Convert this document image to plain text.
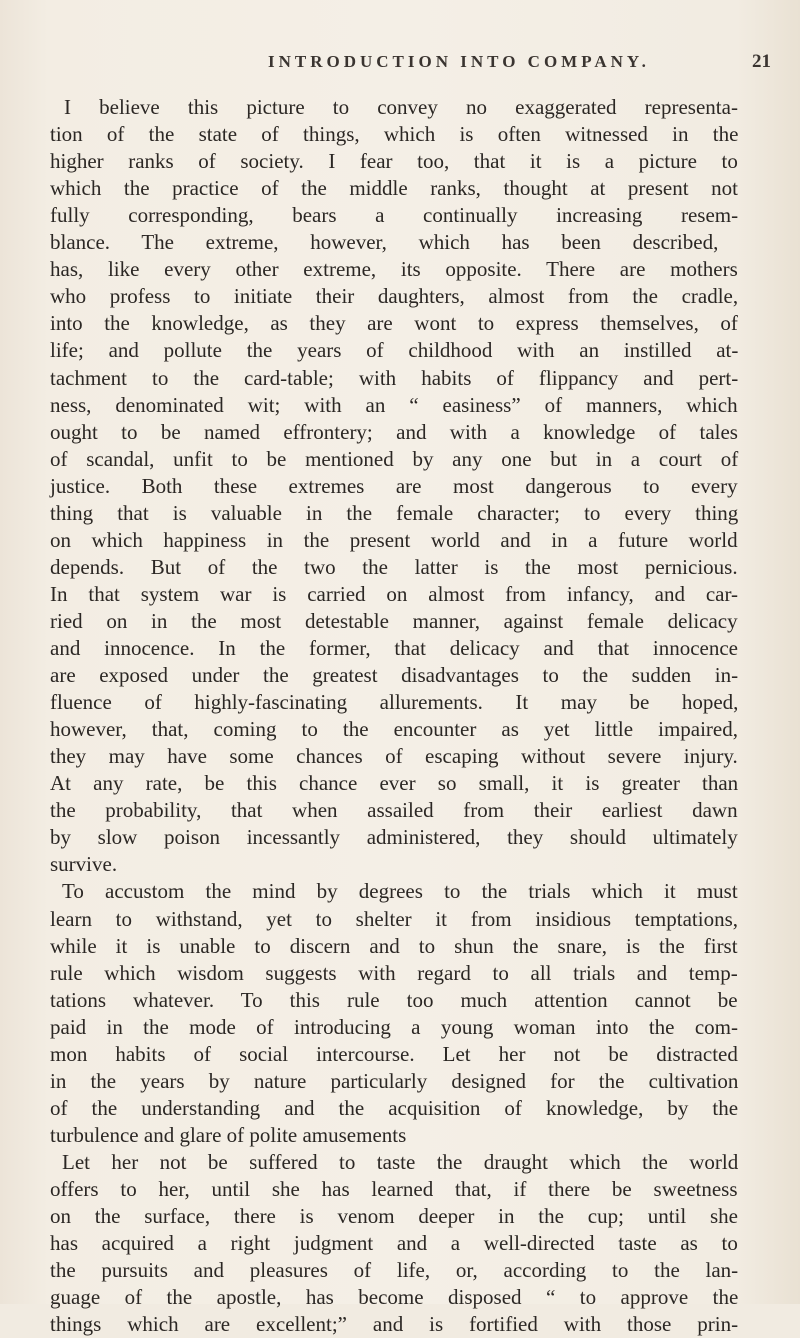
INTRODUCTION INTO COMPANY.	21
I believe this picture to convey no exaggerated representa-
tion of the state of things, which is often witnessed in the
higher ranks of society. I fear too, that it is a picture to
which the practice of the middle ranks, thought at present not
fully corresponding, bears a continually increasing resem-
blance. The extreme, however, which has been described,
has, like every other extreme, its opposite. There are mothers
who profess to initiate their daughters, almost from the cradle,
into the knowledge, as they are wont to express themselves, of
life; and pollute the years of childhood with an instilled at-
tachment to the card-table; with habits of flippancy and pert-
ness, denominated wit; with an “ easiness” of manners, which
ought to be named effrontery; and with a knowledge of tales
of scandal, unfit to be mentioned by any one but in a court of
justice. Both these extremes are most dangerous to every
thing that is valuable in the female character; to every thing
on which happiness in the present world and in a future world
depends. But of the two the latter is the most pernicious.
In that system war is carried on almost from infancy, and car-
ried on in the most detestable manner, against female delicacy
and innocence. In the former, that delicacy and that innocence
are exposed under the greatest disadvantages to the sudden in-
fluence of highly-fascinating allurements. It may be hoped,
however, that, coming to the encounter as yet little impaired,
they may have some chances of escaping without severe injury.
At any rate, be this chance ever so small, it is greater than
the probability, that when assailed from their earliest dawn
by slow poison incessantly administered, they should ultimately
survive.
To accustom the mind by degrees to the trials which it must
learn to withstand, yet to shelter it from insidious temptations,
while it is unable to discern and to shun the snare, is the first
rule which wisdom suggests with regard to all trials and temp-
tations whatever. To this rule too much attention cannot be
paid in the mode of introducing a young woman into the com-
mon habits of social intercourse. Let her not be distracted
in the years by nature particularly designed for the cultivation
of the understanding and the acquisition of knowledge, by the
turbulence and glare of polite amusements
Let her not be suffered to taste the draught which the world
offers to her, until she has learned that, if there be sweetness
on the surface, there is venom deeper in the cup; until she
has acquired a right judgment and a well-directed taste as to
the pursuits and pleasures of life, or, according to the lan-
guage of the apostle, has become disposed “ to approve the
things which are excellent;” and is fortified with those prin-
